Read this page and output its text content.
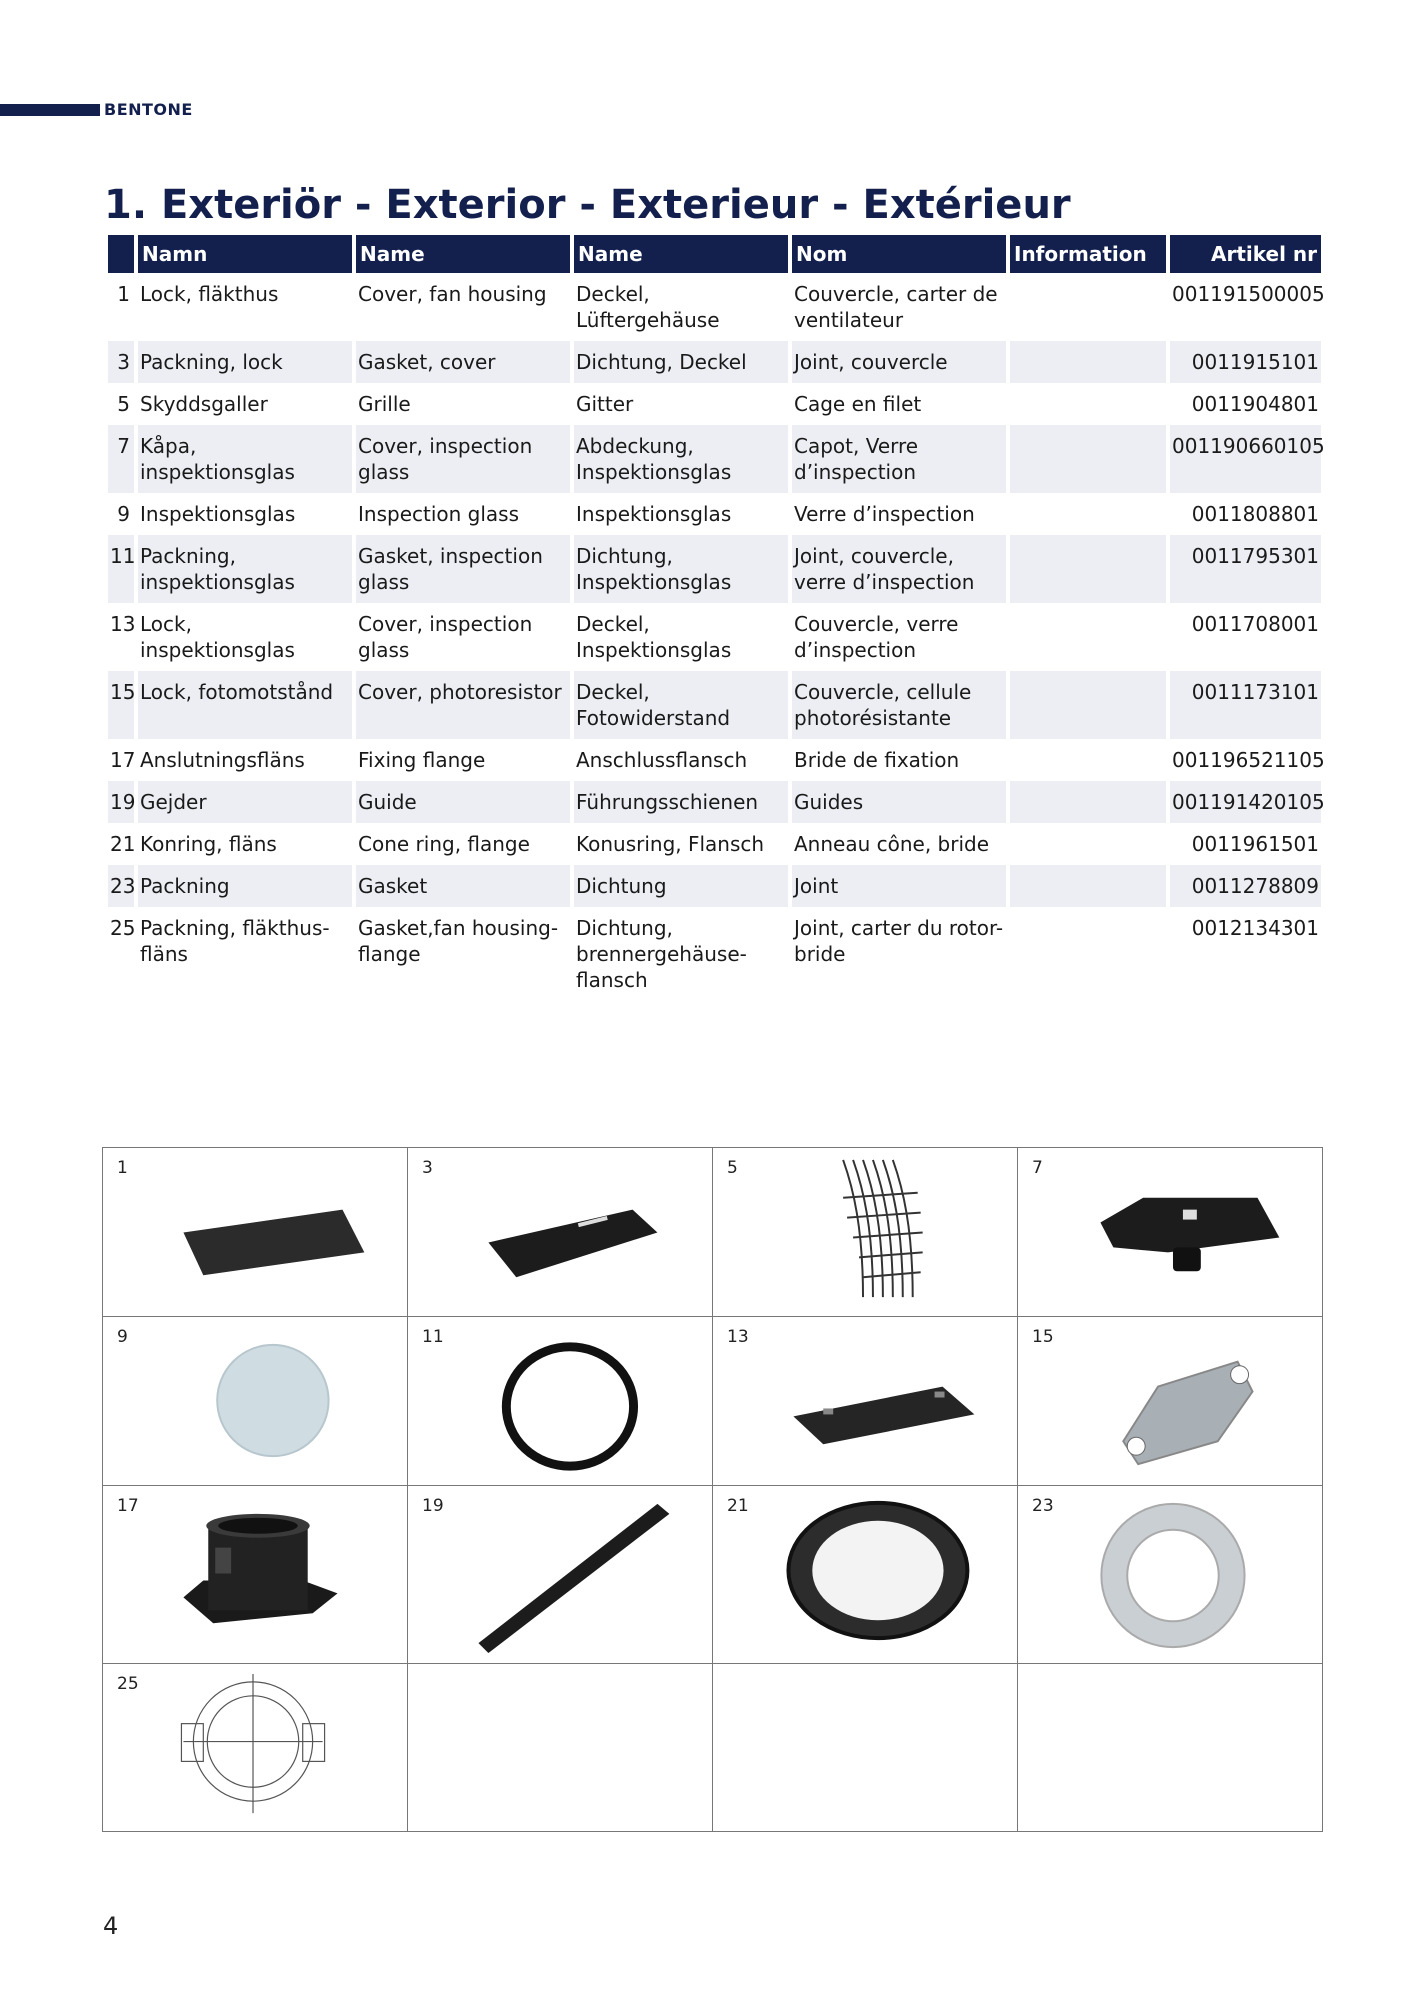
BENTONE
1. Exteriör - Exterior - Exterieur - Extérieur
	Namn	Name	Name	Nom	Information	Artikel nr
1	Lock, fläkthus	Cover, fan housing	Deckel, Lüftergehäuse	Couvercle, carter de ventilateur		001191500005
3	Packning, lock	Gasket, cover	Dichtung, Deckel	Joint, couvercle		0011915101
5	Skyddsgaller	Grille	Gitter	Cage en filet		0011904801
7	Kåpa, inspektionsglas	Cover, inspection glass	Abdeckung, Inspektionsglas	Capot, Verre d’inspection		001190660105
9	Inspektionsglas	Inspection glass	Inspektionsglas	Verre d’inspection		0011808801
11	Packning, inspektionsglas	Gasket, inspection glass	Dichtung, Inspektionsglas	Joint, couvercle, verre d’inspection		0011795301
13	Lock, inspektionsglas	Cover, inspection glass	Deckel, Inspektionsglas	Couvercle, verre d’inspection		0011708001
15	Lock, fotomotstånd	Cover, photoresistor	Deckel, Fotowiderstand	Couvercle, cellule photorésistante		0011173101
17	Anslutningsfläns	Fixing flange	Anschlussflansch	Bride de fixation		001196521105
19	Gejder	Guide	Führungsschienen	Guides		001191420105
21	Konring, fläns	Cone ring, flange	Konusring, Flansch	Anneau cône, bride		0011961501
23	Packning	Gasket	Dichtung	Joint		0011278809
25	Packning, fläkthus-fläns	Gasket,fan housing-flange	Dichtung, brennergehäuse-flansch	Joint, carter du rotor-bride		0012134301
1	3	5	7

9	11	13	15

17	19	21	23

25			

4
